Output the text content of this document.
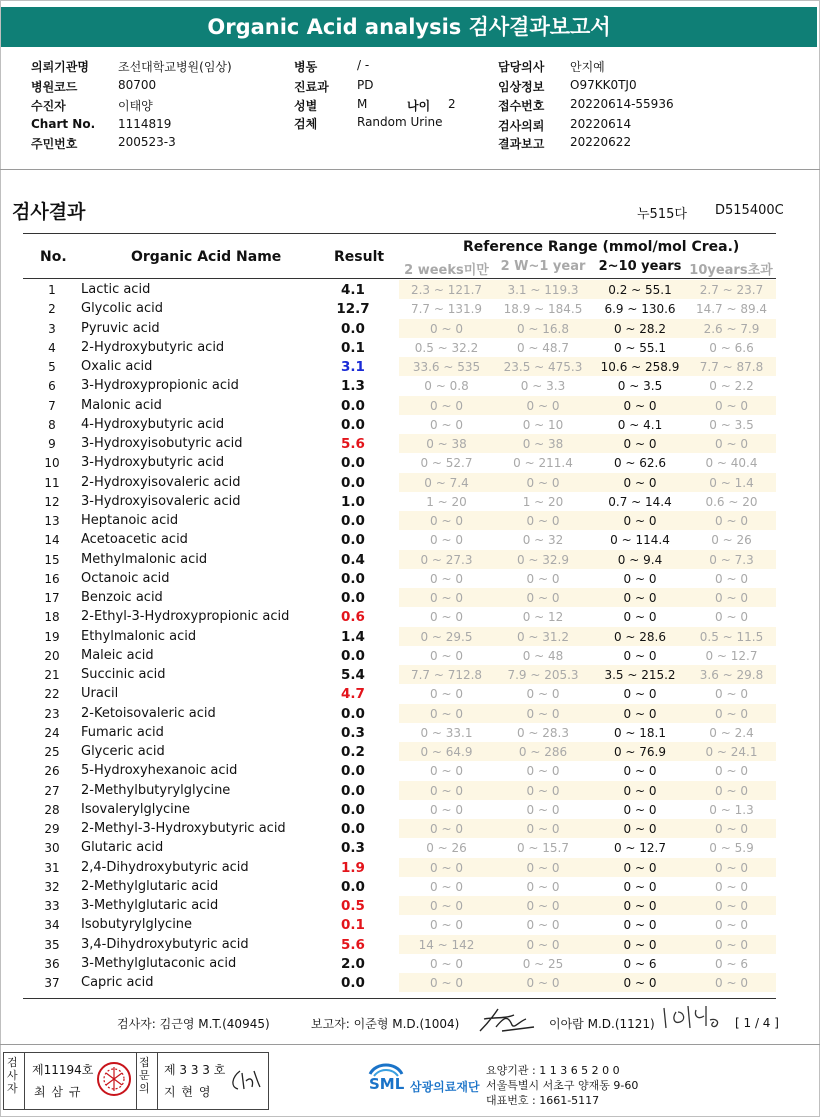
Organic Acid analysis 검사결과보고서
의뢰기관명 조선대학교병원(임상)
병원코드	80700
수진자	이태양
Chart No. 1114819
주민번호	200523-3
병동	/ -
진료과 PD
성별	M	나이 2
검체	Random Urine
담당의사 안지예
임상정보 O97KK0TJ0
접수번호 20220614-55936
검사의뢰 20220614
결과보고 20220622
검사결과	누515다 D515400C
No.	Organic Acid Name	Result
Reference Range (mmol/mol Crea.)
2 weeks미만 2 W~1 year	2~10 years 10years초과
1	Lactic acid	4.1	2.3 ~ 121.7	3.1 ~ 119.3	0.2 ~ 55.1	2.7 ~ 23.7
2	Glycolic acid	12.7	7.7 ~ 131.9	18.9 ~ 184.5	6.9 ~ 130.6	14.7 ~ 89.4
3	Pyruvic acid	0.0	0 ~ 0	0 ~ 16.8	0 ~ 28.2	2.6 ~ 7.9
4	2-Hydroxybutyric acid	0.1	0.5 ~ 32.2	0 ~ 48.7	0 ~ 55.1	0 ~ 6.6
5	Oxalic acid	3.1	33.6 ~ 535	23.5 ~ 475.3	10.6 ~ 258.9	7.7 ~ 87.8
6	3-Hydroxypropionic acid	1.3	0 ~ 0.8	0 ~ 3.3	0 ~ 3.5	0 ~ 2.2
7	Malonic acid	0.0	0 ~ 0	0 ~ 0	0 ~ 0	0 ~ 0
8	4-Hydroxybutyric acid	0.0	0 ~ 0	0 ~ 10	0 ~ 4.1	0 ~ 3.5
9	3-Hydroxyisobutyric acid	5.6	0 ~ 38	0 ~ 38	0 ~ 0	0 ~ 0
10	3-Hydroxybutyric acid	0.0	0 ~ 52.7	0 ~ 211.4	0 ~ 62.6	0 ~ 40.4
11	2-Hydroxyisovaleric acid	0.0	0 ~ 7.4	0 ~ 0	0 ~ 0	0 ~ 1.4
12	3-Hydroxyisovaleric acid	1.0	1 ~ 20	1 ~ 20	0.7 ~ 14.4	0.6 ~ 20
13	Heptanoic acid	0.0	0 ~ 0	0 ~ 0	0 ~ 0	0 ~ 0
14	Acetoacetic acid	0.0	0 ~ 0	0 ~ 32	0 ~ 114.4	0 ~ 26
15	Methylmalonic acid	0.4	0 ~ 27.3	0 ~ 32.9	0 ~ 9.4	0 ~ 7.3
16	Octanoic acid	0.0	0 ~ 0	0 ~ 0	0 ~ 0	0 ~ 0
17	Benzoic acid	0.0	0 ~ 0	0 ~ 0	0 ~ 0	0 ~ 0
18	2-Ethyl-3-Hydroxypropionic acid	0.6	0 ~ 0	0 ~ 12	0 ~ 0	0 ~ 0
19	Ethylmalonic acid	1.4	0 ~ 29.5	0 ~ 31.2	0 ~ 28.6	0.5 ~ 11.5
20	Maleic acid	0.0	0 ~ 0	0 ~ 48	0 ~ 0	0 ~ 12.7
21	Succinic acid	5.4	7.7 ~ 712.8	7.9 ~ 205.3	3.5 ~ 215.2	3.6 ~ 29.8
22	Uracil	4.7	0 ~ 0	0 ~ 0	0 ~ 0	0 ~ 0
23	2-Ketoisovaleric acid	0.0	0 ~ 0	0 ~ 0	0 ~ 0	0 ~ 0
24	Fumaric acid	0.3	0 ~ 33.1	0 ~ 28.3	0 ~ 18.1	0 ~ 2.4
25	Glyceric acid	0.2	0 ~ 64.9	0 ~ 286	0 ~ 76.9	0 ~ 24.1
26	5-Hydroxyhexanoic acid	0.0	0 ~ 0	0 ~ 0	0 ~ 0	0 ~ 0
27	2-Methylbutyrylglycine	0.0	0 ~ 0	0 ~ 0	0 ~ 0	0 ~ 0
28	Isovalerylglycine	0.0	0 ~ 0	0 ~ 0	0 ~ 0	0 ~ 1.3
29	2-Methyl-3-Hydroxybutyric acid	0.0	0 ~ 0	0 ~ 0	0 ~ 0	0 ~ 0
30	Glutaric acid	0.3	0 ~ 26	0 ~ 15.7	0 ~ 12.7	0 ~ 5.9
31	2,4-Dihydroxybutyric acid	1.9	0 ~ 0	0 ~ 0	0 ~ 0	0 ~ 0
32	2-Methylglutaric acid	0.0	0 ~ 0	0 ~ 0	0 ~ 0	0 ~ 0
33	3-Methylglutaric acid	0.5	0 ~ 0	0 ~ 0	0 ~ 0	0 ~ 0
34	Isobutyrylglycine	0.1	0 ~ 0	0 ~ 0	0 ~ 0	0 ~ 0
35	3,4-Dihydroxybutyric acid	5.6	14 ~ 142	0 ~ 0	0 ~ 0	0 ~ 0
36	3-Methylglutaconic acid	2.0	0 ~ 0	0 ~ 25	0 ~ 6	0 ~ 6
37	Capric acid	0.0	0 ~ 0	0 ~ 0	0 ~ 0	0 ~ 0
검사자: 김근영 M.T.(40945)	보고자: 이준형 M.D.(1004)	이아람 M.D.(1121)	[ 1 / 4 ]
검사자
제11194호
최 삼 규
접문의
제 3 3 3 호
지 현 영	SML 삼광의료재단
요양기관 : 1 1 3 6 5 2 0 0
서울특별시 서초구 양재동 9-60
대표번호 : 1661-5117
